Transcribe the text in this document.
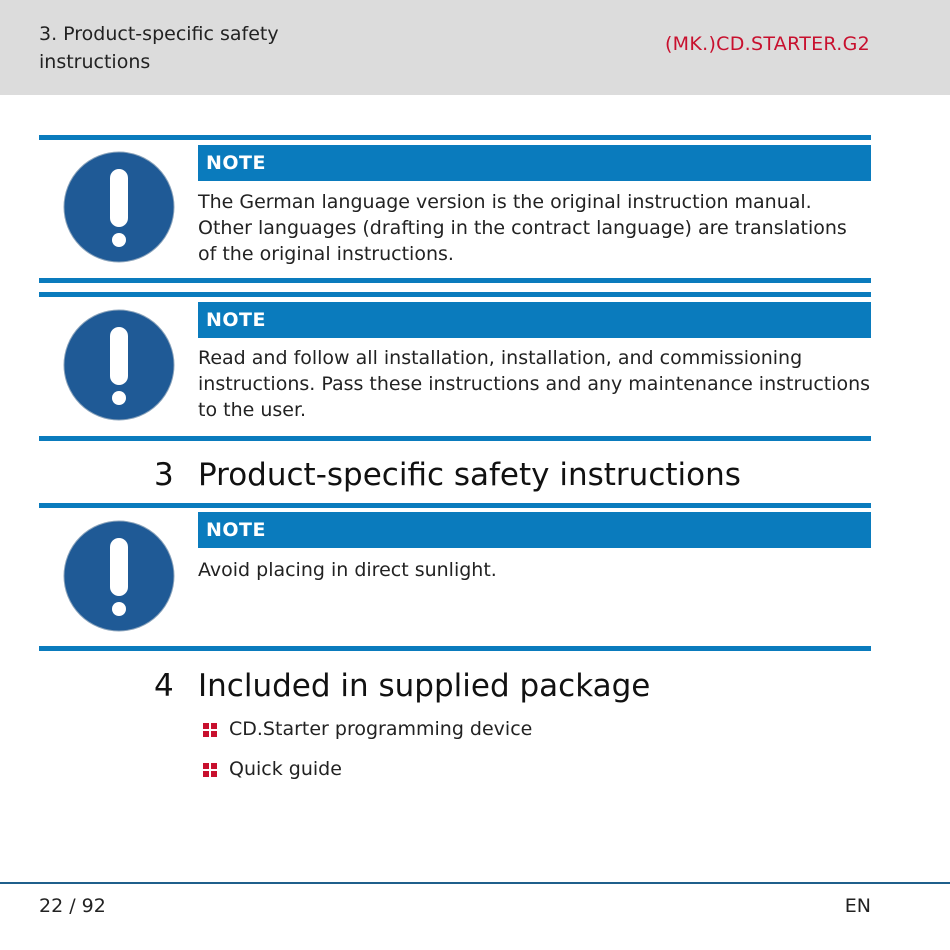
3. Product-specific safety instructions
(MK.)CD.STARTER.G2
NOTE
The German language version is the original instruction manual. Other languages (drafting in the contract language) are translations of the original instructions.
NOTE
Read and follow all installation, installation, and commissioning instructions. Pass these instructions and any maintenance instructions to the user.
3 Product-specific safety instructions
NOTE
Avoid placing in direct sunlight.
4 Included in supplied package
CD.Starter programming device
Quick guide
22 / 92	EN
